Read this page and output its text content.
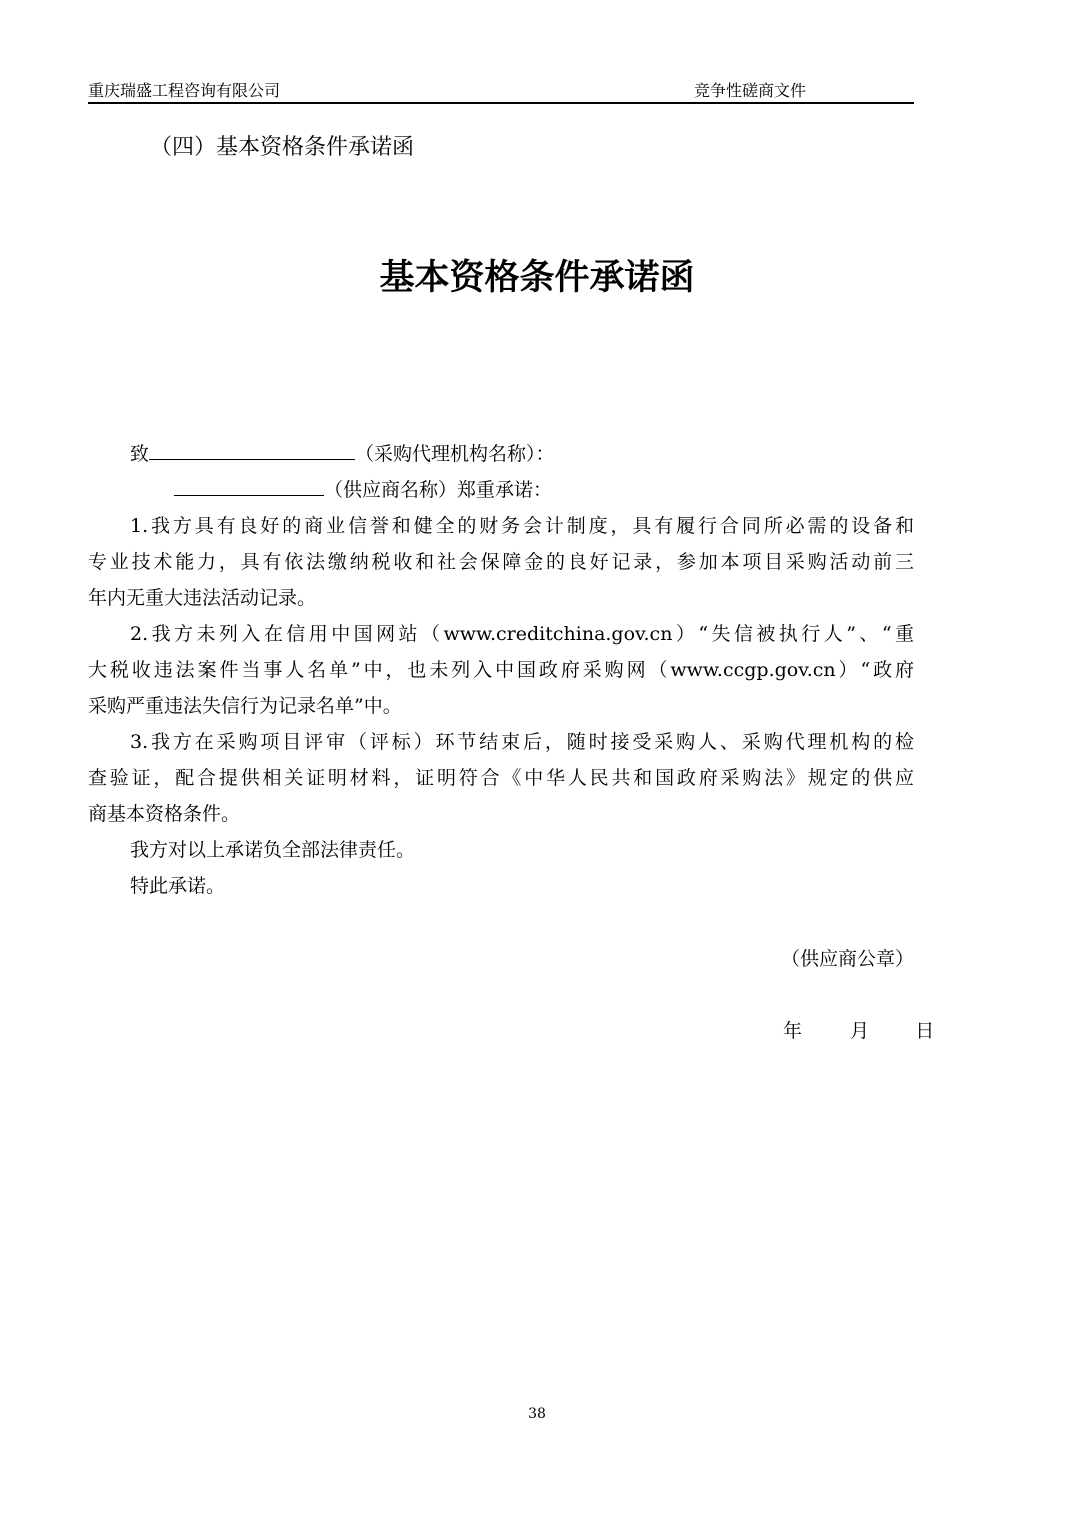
重庆瑞盛工程咨询有限公司	竞争性磋商文件
（四）基本资格条件承诺函
基本资格条件承诺函
致	（采购代理机构名称）：
（供应商名称）郑重承诺：
1.我方具有良好的商业信誉和健全的财务会计制度，具有履行合同所必需的设备和
专业技术能力，具有依法缴纳税收和社会保障金的良好记录，参加本项目采购活动前三
年内无重大违法活动记录。
2.我方未列入在信用中国网站（www.creditchina.gov.cn）“失信被执行人”、“重
大税收违法案件当事人名单”中，也未列入中国政府采购网（www.ccgp.gov.cn）“政府
采购严重违法失信行为记录名单”中。
3.我方在采购项目评审（评标）环节结束后，随时接受采购人、采购代理机构的检
查验证，配合提供相关证明材料，证明符合《中华人民共和国政府采购法》规定的供应
商基本资格条件。
我方对以上承诺负全部法律责任。
特此承诺。
（供应商公章）
年	月 日
38
